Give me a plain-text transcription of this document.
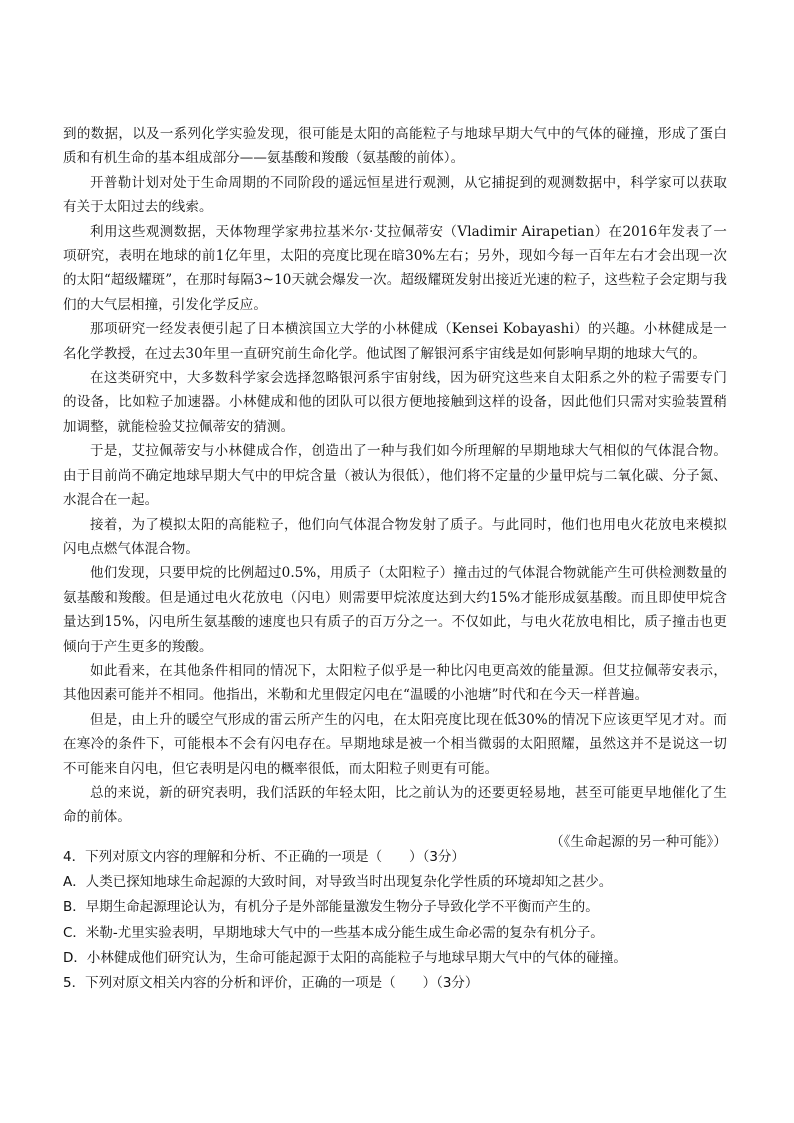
到的数据，以及一系列化学实验发现，很可能是太阳的高能粒子与地球早期大气中的气体的碰撞，形成了蛋白质和有机生命的基本组成部分——氨基酸和羧酸（氨基酸的前体）。

开普勒计划对处于生命周期的不同阶段的遥远恒星进行观测，从它捕捉到的观测数据中，科学家可以获取有关于太阳过去的线索。

利用这些观测数据，天体物理学家弗拉基米尔·艾拉佩蒂安（Vladimir Airapetian）在2016年发表了一项研究，表明在地球的前1亿年里，太阳的亮度比现在暗30%左右；另外，现如今每一百年左右才会出现一次的太阳“超级耀斑”，在那时每隔3~10天就会爆发一次。超级耀斑发射出接近光速的粒子，这些粒子会定期与我们的大气层相撞，引发化学反应。

那项研究一经发表便引起了日本横滨国立大学的小林健成（Kensei Kobayashi）的兴趣。小林健成是一名化学教授，在过去30年里一直研究前生命化学。他试图了解银河系宇宙线是如何影响早期的地球大气的。

在这类研究中，大多数科学家会选择忽略银河系宇宙射线，因为研究这些来自太阳系之外的粒子需要专门的设备，比如粒子加速器。小林健成和他的团队可以很方便地接触到这样的设备，因此他们只需对实验装置稍加调整，就能检验艾拉佩蒂安的猜测。

于是，艾拉佩蒂安与小林健成合作，创造出了一种与我们如今所理解的早期地球大气相似的气体混合物。由于目前尚不确定地球早期大气中的甲烷含量（被认为很低），他们将不定量的少量甲烷与二氧化碳、分子氮、水混合在一起。

接着，为了模拟太阳的高能粒子，他们向气体混合物发射了质子。与此同时，他们也用电火花放电来模拟闪电点燃气体混合物。

他们发现，只要甲烷的比例超过0.5%，用质子（太阳粒子）撞击过的气体混合物就能产生可供检测数量的氨基酸和羧酸。但是通过电火花放电（闪电）则需要甲烷浓度达到大约15%才能形成氨基酸。而且即使甲烷含量达到15%，闪电所生氨基酸的速度也只有质子的百万分之一。不仅如此，与电火花放电相比，质子撞击也更倾向于产生更多的羧酸。

如此看来，在其他条件相同的情况下，太阳粒子似乎是一种比闪电更高效的能量源。但艾拉佩蒂安表示，其他因素可能并不相同。他指出，米勒和尤里假定闪电在“温暖的小池塘”时代和在今天一样普遍。

但是，由上升的暖空气形成的雷云所产生的闪电，在太阳亮度比现在低30%的情况下应该更罕见才对。而在寒冷的条件下，可能根本不会有闪电存在。早期地球是被一个相当微弱的太阳照耀，虽然这并不是说这一切不可能来自闪电，但它表明是闪电的概率很低，而太阳粒子则更有可能。

总的来说，新的研究表明，我们活跃的年轻太阳，比之前认为的还要更轻易地，甚至可能更早地催化了生命的前体。

（《生命起源的另一种可能》）

4．下列对原文内容的理解和分析、不正确的一项是（　　）（3分）

A．人类已探知地球生命起源的大致时间，对导致当时出现复杂化学性质的环境却知之甚少。

B．早期生命起源理论认为，有机分子是外部能量激发生物分子导致化学不平衡而产生的。

C．米勒-尤里实验表明，早期地球大气中的一些基本成分能生成生命必需的复杂有机分子。

D．小林健成他们研究认为，生命可能起源于太阳的高能粒子与地球早期大气中的气体的碰撞。

5．下列对原文相关内容的分析和评价，正确的一项是（　　）（3分）
